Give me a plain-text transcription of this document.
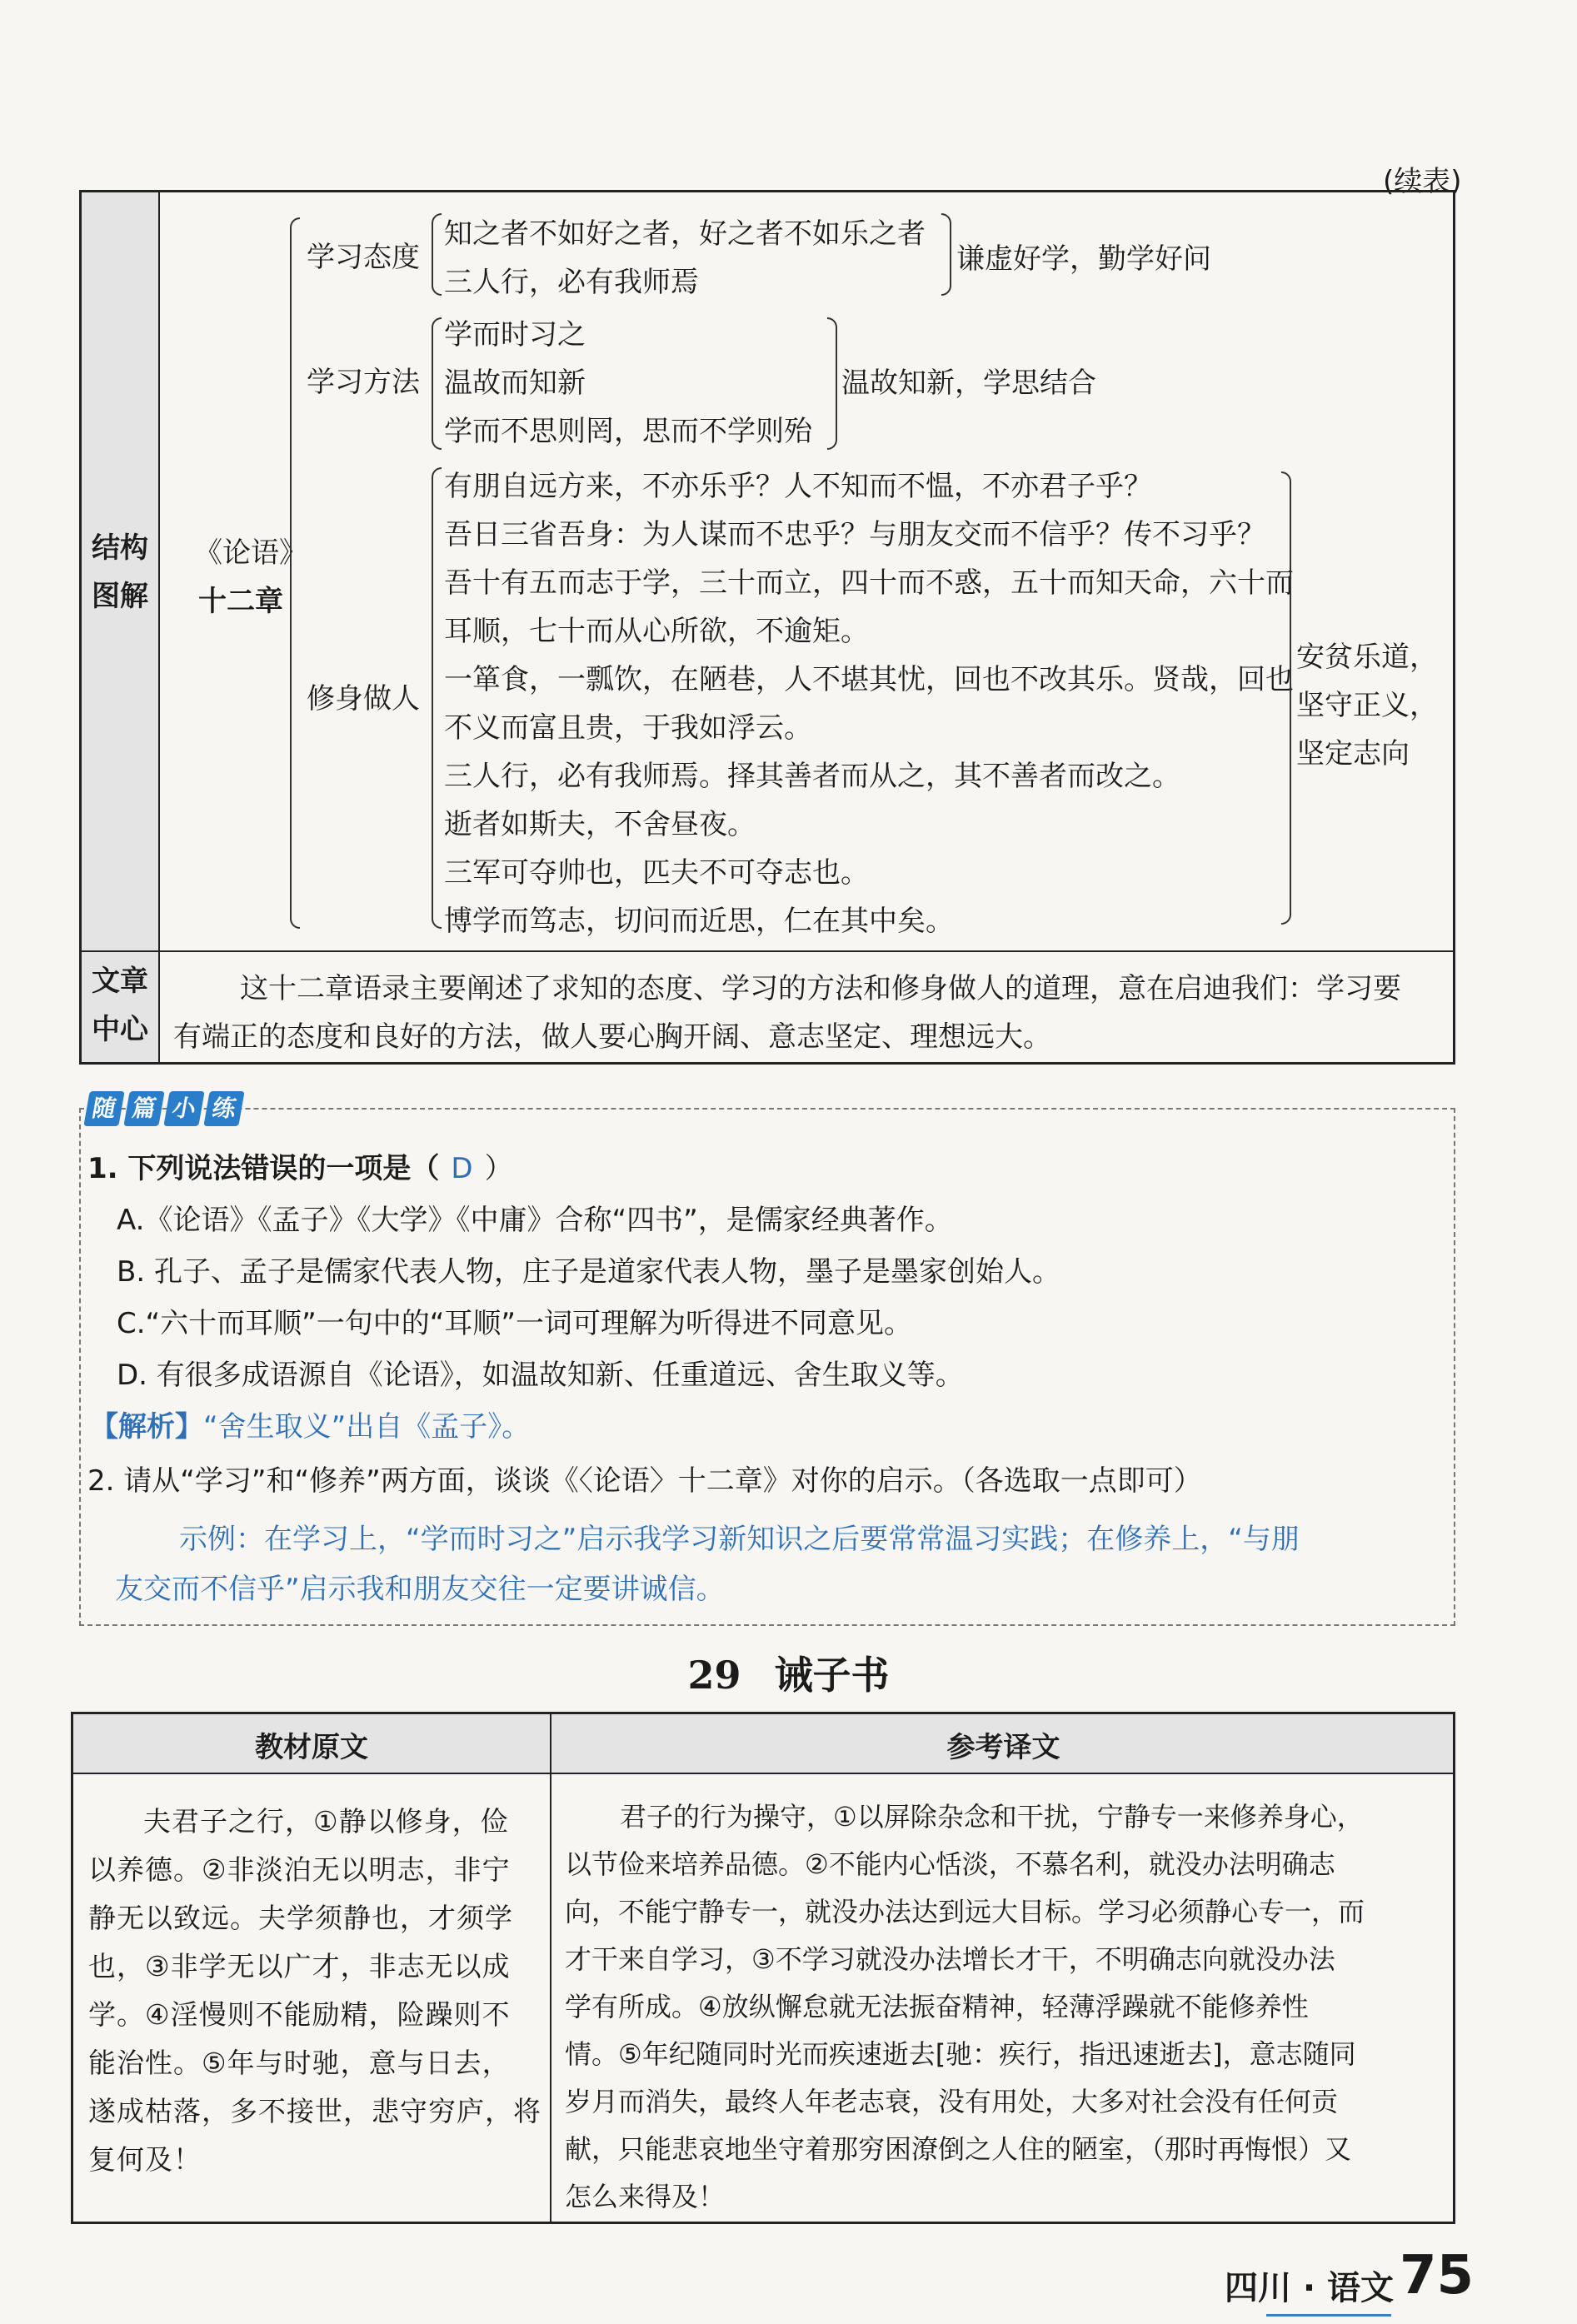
(续表)
结构
图解
《论语》
十二章
学习态度
知之者不如好之者，好之者不如乐之者
三人行，必有我师焉
谦虚好学，勤学好问
学习方法
学而时习之
温故而知新
学而不思则罔，思而不学则殆
温故知新，学思结合
修身做人
有朋自远方来，不亦乐乎？人不知而不愠，不亦君子乎？
吾日三省吾身：为人谋而不忠乎？与朋友交而不信乎？传不习乎？
吾十有五而志于学，三十而立，四十而不惑，五十而知天命，六十而
耳顺，七十而从心所欲，不逾矩。
一箪食，一瓢饮，在陋巷，人不堪其忧，回也不改其乐。贤哉，回也
不义而富且贵，于我如浮云。
三人行，必有我师焉。择其善者而从之，其不善者而改之。
逝者如斯夫，不舍昼夜。
三军可夺帅也，匹夫不可夺志也。
博学而笃志，切问而近思，仁在其中矣。
安贫乐道，
坚守正义，
坚定志向
文章
中心
这十二章语录主要阐述了求知的态度、学习的方法和修身做人的道理，意在启迪我们：学习要
有端正的态度和良好的方法，做人要心胸开阔、意志坚定、理想远大。
随 篇 小 练
1. 下列说法错误的一项是（ D ）
A.《论语》《孟子》《大学》《中庸》合称“四书”，是儒家经典著作。
B. 孔子、孟子是儒家代表人物，庄子是道家代表人物，墨子是墨家创始人。
C.“六十而耳顺”一句中的“耳顺”一词可理解为听得进不同意见。
D. 有很多成语源自《论语》，如温故知新、任重道远、舍生取义等。
【解析】“舍生取义”出自《孟子》。
2. 请从“学习”和“修养”两方面，谈谈《〈论语〉十二章》对你的启示。（各选取一点即可）
示例：在学习上，“学而时习之”启示我学习新知识之后要常常温习实践；在修养上，“与朋
友交而不信乎”启示我和朋友交往一定要讲诚信。
29 诫子书
教材原文	参考译文
夫君子之行，①静以修身，俭
以养德。②非淡泊无以明志，非宁
静无以致远。夫学须静也，才须学
也，③非学无以广才，非志无以成
学。④淫慢则不能励精，险躁则不
能治性。⑤年与时驰，意与日去，
遂成枯落，多不接世，悲守穷庐，将
复何及！
君子的行为操守，①以屏除杂念和干扰，宁静专一来修养身心，
以节俭来培养品德。②不能内心恬淡，不慕名利，就没办法明确志
向，不能宁静专一，就没办法达到远大目标。学习必须静心专一，而
才干来自学习，③不学习就没办法增长才干，不明确志向就没办法
学有所成。④放纵懈怠就无法振奋精神，轻薄浮躁就不能修养性
情。⑤年纪随同时光而疾速逝去[驰：疾行，指迅速逝去]，意志随同
岁月而消失，最终人年老志衰，没有用处，大多对社会没有任何贡
献，只能悲哀地坐守着那穷困潦倒之人住的陋室，（那时再悔恨）又
怎么来得及！
四川 · 语文 75
